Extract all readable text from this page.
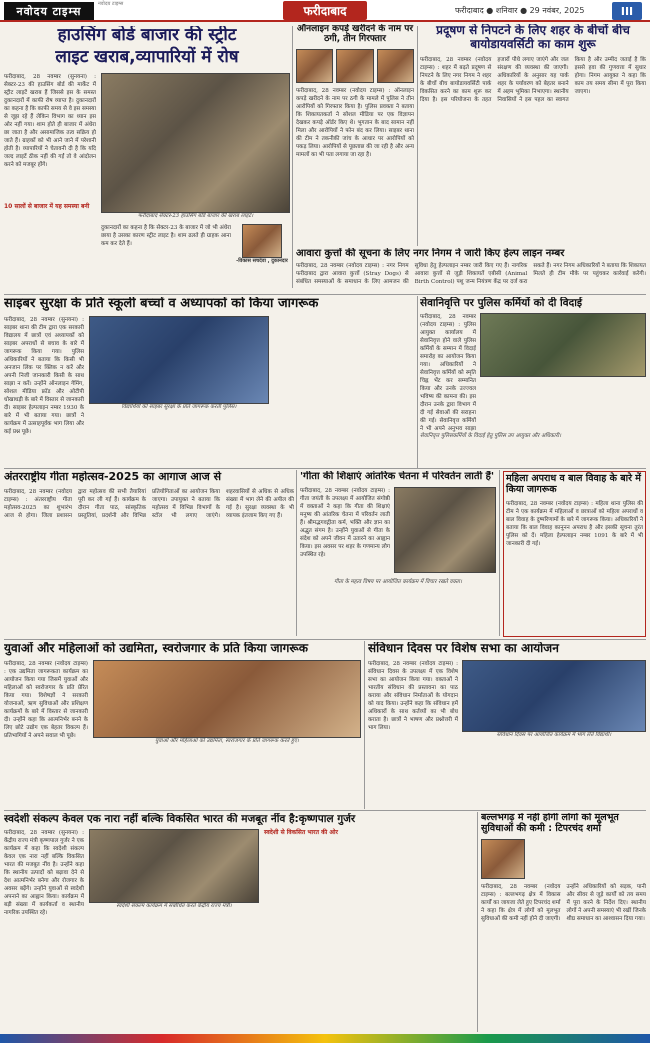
नवोदय टाइम्स
नवोदय टाइम्स	फरीदाबाद	फरीदाबाद ● शनिवार ● 29 नवंबर, 2025	III
हाउसिंग बोर्ड बाजार की स्ट्रीट
लाइट खराब,व्यापारियों में रोष
फरीदाबाद, 28 नवम्बर (सुनयना) : सेक्टर-23 की हाउसिंग बोर्ड की मार्केट में स्ट्रीट लाइटें खराब हैं जिससे इस के समस्त दुकानदारों में काफी रोष व्याप्त है। दुकानदारों का कहना है कि काफी समय से वे इस समस्या से जूझ रहे हैं लेकिन विभाग का ध्यान इस ओर नहीं गया। शाम होते ही बाजार में अंधेरा छा जाता है और असामाजिक तत्व सक्रिय हो जाते हैं। ग्राहकों को भी आने जाने में परेशानी होती है। व्यापारियों ने चेतावनी दी है कि यदि जल्द लाइटें ठीक नहीं की गईं तो वे आंदोलन करने को मजबूर होंगे।
10 सालों से बाजार में यह समस्या बनी
फरीदाबाद सेक्टर-23 हाउसिंग बोर्ड बाजार की खराब लाइटें।
दुकानदारों का कहना है कि सेक्टर-23 के बाजार में जो भी अंधेरा छाया है उसका कारण स्ट्रीट लाइट है। शाम ढलते ही ग्राहक आना कम कर देते हैं।
-विकास सचदेवा , दुकानदार
ऑनलाइन कपड़े खरीदने के नाम पर ठगी, तीन गिरफ्तार
फरीदाबाद, 28 नवम्बर (नवोदय टाइम्स) : ऑनलाइन कपड़े खरीदने के नाम पर ठगी के मामले में पुलिस ने तीन आरोपियों को गिरफ्तार किया है। पुलिस प्रवक्ता ने बताया कि शिकायतकर्ता ने सोशल मीडिया पर एक विज्ञापन देखकर कपड़े ऑर्डर किए थे। भुगतान के बाद सामान नहीं मिला और आरोपियों ने फोन बंद कर लिया। साइबर थाना की टीम ने तकनीकी जांच के आधार पर आरोपियों को पकड़ लिया। आरोपियों से पूछताछ की जा रही है और अन्य मामलों का भी पता लगाया जा रहा है।
प्रदूषण से निपटने के लिए शहर के बीचों बीच बायोडायवर्सिटी का काम शुरू
फरीदाबाद, 28 नवम्बर (नवोदय टाइम्स) : शहर में बढ़ते प्रदूषण से निपटने के लिए नगर निगम ने शहर के बीचों बीच बायोडायवर्सिटी पार्क विकसित करने का काम शुरू कर दिया है। इस परियोजना के तहत हजारों पौधे लगाए जाएंगे और जल संरक्षण की व्यवस्था की जाएगी। अधिकारियों के अनुसार यह पार्क शहर के पर्यावरण को बेहतर बनाने में अहम भूमिका निभाएगा। स्थानीय निवासियों ने इस पहल का स्वागत किया है और उम्मीद जताई है कि इससे हवा की गुणवत्ता में सुधार होगा। निगम आयुक्त ने कहा कि काम तय समय सीमा में पूरा किया जाएगा।
आवारा कुत्तों की सूचना के लिए नगर निगम ने जारी किए हेल्प लाइन नम्बर
फरीदाबाद, 28 नवम्बर (नवोदय टाइम्स) : नगर निगम फरीदाबाद द्वारा आवारा कुत्तों (Stray Dogs) से संबंधित समस्याओं के समाधान के लिए आमजन की सुविधा हेतु हेल्पलाइन नम्बर जारी किए गए हैं। नागरिक आवारा कुत्तों से जुड़ी शिकायतें एबीसी (Animal Birth Control) पशु जन्म नियंत्रण केंद्र पर दर्ज करा सकते हैं। नगर निगम अधिकारियों ने बताया कि शिकायत मिलते ही टीम मौके पर पहुंचकर कार्रवाई करेगी।
साइबर सुरक्षा के प्रति स्कूली बच्चों व अध्यापकों को किया जागरूक
फरीदाबाद, 28 नवम्बर (सुनयना) : साइबर थाना की टीम द्वारा एक सरकारी विद्यालय में छात्रों एवं अध्यापकों को साइबर अपराधों से बचाव के बारे में जागरूक किया गया। पुलिस अधिकारियों ने बताया कि किसी भी अनजान लिंक पर क्लिक न करें और अपनी निजी जानकारी किसी के साथ साझा न करें। उन्होंने ऑनलाइन गेमिंग, सोशल मीडिया फ्रॉड और ओटीपी धोखाधड़ी के बारे में विस्तार से जानकारी दी। साइबर हेल्पलाइन नम्बर 1930 के बारे में भी बताया गया। छात्रों ने कार्यक्रम में उत्साहपूर्वक भाग लिया और कई प्रश्न पूछे।
विद्यार्थियों को साइबर सुरक्षा के प्रति जागरूक करती पुलिस।
सेवानिवृत्ति पर पुलिस कर्मियों को दी विदाई
फरीदाबाद, 28 नवम्बर (नवोदय टाइम्स) : पुलिस आयुक्त कार्यालय में सेवानिवृत्त होने वाले पुलिस कर्मियों के सम्मान में विदाई समारोह का आयोजन किया गया। अधिकारियों ने सेवानिवृत्त कर्मियों को स्मृति चिह्न भेंट कर सम्मानित किया और उनके उज्ज्वल भविष्य की कामना की। इस दौरान उनके द्वारा विभाग में दी गई सेवाओं की सराहना की गई। सेवानिवृत्त कर्मियों ने भी अपने अनुभव साझा
सेवानिवृत्त पुलिसकर्मियों के विदाई हेतु पुलिस उप आयुक्त और अधिकारी।
अंतरराष्ट्रीय गीता महोत्सव-2025 का आगाज आज से
फरीदाबाद, 28 नवम्बर (नवोदय टाइम्स) : अंतरराष्ट्रीय गीता महोत्सव-2025 का शुभारंभ आज से होगा। जिला प्रशासन द्वारा महोत्सव की सभी तैयारियां पूरी कर ली गई हैं। कार्यक्रम के दौरान गीता पाठ, सांस्कृतिक प्रस्तुतियां, प्रदर्शनी और विभिन्न प्रतियोगिताओं का आयोजन किया जाएगा। उपायुक्त ने बताया कि महोत्सव में विभिन्न विभागों के स्टॉल भी लगाए जाएंगे। शहरवासियों से अधिक से अधिक संख्या में भाग लेने की अपील की गई है। सुरक्षा व्यवस्था के भी व्यापक इंतजाम किए गए हैं।
'गीता की शिक्षाएं आंतरिक चेतना में परिवर्तन लाती हैं'
फरीदाबाद, 28 नवम्बर (नवोदय टाइम्स) : गीता जयंती के उपलक्ष्य में आयोजित संगोष्ठी में वक्ताओं ने कहा कि गीता की शिक्षाएं मनुष्य की आंतरिक चेतना में परिवर्तन लाती हैं। श्रीमद्भगवद्गीता कर्म, भक्ति और ज्ञान का अद्भुत संगम है। उन्होंने युवाओं से गीता के संदेश को अपने जीवन में उतारने का आह्वान किया। इस अवसर पर शहर के गणमान्य लोग उपस्थित रहे।
गीता के महत्व विषय पर आयोजित कार्यक्रम में विचार रखते वक्ता।
महिला अपराध व बाल विवाह के बारे में किया जागरूक
फरीदाबाद, 28 नवम्बर (नवोदय टाइम्स) : महिला थाना पुलिस की टीम ने एक कार्यक्रम में महिलाओं व छात्राओं को महिला अपराधों व बाल विवाह के दुष्परिणामों के बारे में जागरूक किया। अधिकारियों ने बताया कि बाल विवाह कानूनन अपराध है और इसकी सूचना तुरंत पुलिस को दें। महिला हेल्पलाइन नम्बर 1091 के बारे में भी जानकारी दी गई।
युवाओं और महिलाओं को उद्यमिता, स्वरोजगार के प्रति किया जागरूक
फरीदाबाद, 28 नवम्बर (नवोदय टाइम्स) : एक उद्यमिता जागरूकता कार्यक्रम का आयोजन किया गया जिसमें युवाओं और महिलाओं को स्वरोजगार के प्रति प्रेरित किया गया। विशेषज्ञों ने सरकारी योजनाओं, ऋण सुविधाओं और प्रशिक्षण कार्यक्रमों के बारे में विस्तार से जानकारी दी। उन्होंने कहा कि आत्मनिर्भर बनने के लिए छोटे उद्योग एक बेहतर विकल्प हैं। प्रतिभागियों ने अपने सवाल भी पूछे।
युवाओं और महिलाओं को उद्यमिता, स्वरोजगार के प्रति जागरूक करते हुए।
संविधान दिवस पर विशेष सभा का आयोजन
फरीदाबाद, 28 नवम्बर (नवोदय टाइम्स) : संविधान दिवस के उपलक्ष्य में एक विशेष सभा का आयोजन किया गया। वक्ताओं ने भारतीय संविधान की प्रस्तावना का पाठ कराया और संविधान निर्माताओं के योगदान को याद किया। उन्होंने कहा कि संविधान हमें अधिकारों के साथ कर्तव्यों का भी बोध कराता है। छात्रों ने भाषण और प्रश्नोत्तरी में भाग लिया।
संविधान दिवस पर आयोजित कार्यक्रम में भाग लेते विद्यार्थी।
स्वदेशी संकल्प केवल एक नारा नहीं बल्कि विकसित भारत की मजबूत नींव है:कृष्णपाल गुर्जर
फरीदाबाद, 28 नवम्बर (सुनयना) : केंद्रीय राज्य मंत्री कृष्णपाल गुर्जर ने एक कार्यक्रम में कहा कि स्वदेशी संकल्प केवल एक नारा नहीं बल्कि विकसित भारत की मजबूत नींव है। उन्होंने कहा कि स्थानीय उत्पादों को बढ़ावा देने से देश आत्मनिर्भर बनेगा और रोजगार के अवसर बढ़ेंगे। उन्होंने युवाओं से स्वदेशी अपनाने का आह्वान किया। कार्यक्रम में बड़ी संख्या में कार्यकर्ता व स्थानीय नागरिक उपस्थित रहे।
स्वदेशी संकल्प कार्यक्रम में संबोधित करते केंद्रीय राज्य मंत्री।
स्वदेशी से विकसित भारत की ओर
बल्लभगढ़ में नहीं होंगी लोगों को मूलभूत सुविधाओं की कमी : टिपरचंद शर्मा
फरीदाबाद, 28 नवम्बर (नवोदय टाइम्स) : बल्लभगढ़ क्षेत्र में विकास कार्यों का जायजा लेते हुए टिपरचंद शर्मा ने कहा कि क्षेत्र में लोगों को मूलभूत सुविधाओं की कमी नहीं होने दी जाएगी। उन्होंने अधिकारियों को सड़क, पानी और सीवर से जुड़े कार्यों को तय समय में पूरा करने के निर्देश दिए। स्थानीय लोगों ने अपनी समस्याएं भी रखीं जिनके शीघ्र समाधान का आश्वासन दिया गया।
